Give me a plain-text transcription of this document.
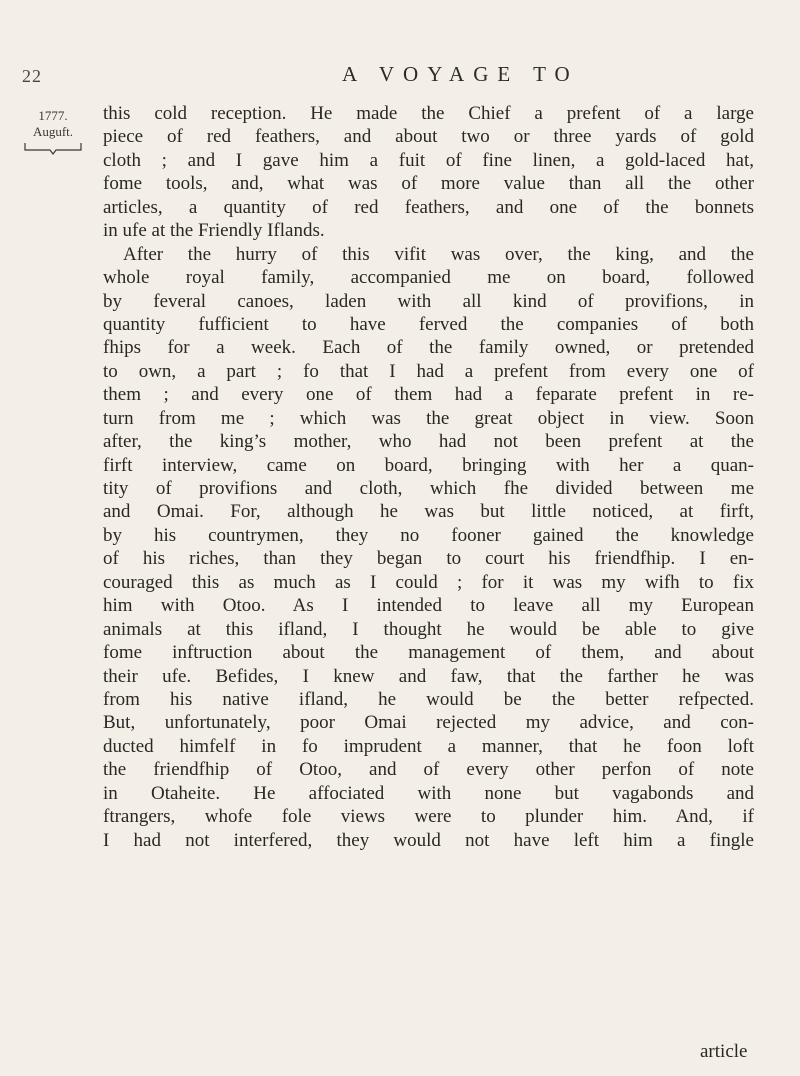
22	A VOYAGE TO
1777.
Auguft.
this cold reception. He made the Chief a prefent of a large
piece of red feathers, and about two or three yards of gold
cloth ; and I gave him a fuit of fine linen, a gold-laced hat,
fome tools, and, what was of more value than all the other
articles, a quantity of red feathers, and one of the bonnets
in ufe at the Friendly Iflands.
After the hurry of this vifit was over, the king, and the
whole royal family, accompanied me on board, followed
by feveral canoes, laden with all kind of provifions, in
quantity fufficient to have ferved the companies of both
fhips for a week. Each of the family owned, or pretended
to own, a part ; fo that I had a prefent from every one of
them ; and every one of them had a feparate prefent in re-
turn from me ; which was the great object in view. Soon
after, the king’s mother, who had not been prefent at the
firft interview, came on board, bringing with her a quan-
tity of provifions and cloth, which fhe divided between me
and Omai. For, although he was but little noticed, at firft,
by his countrymen, they no fooner gained the knowledge
of his riches, than they began to court his friendfhip. I en-
couraged this as much as I could ; for it was my wifh to fix
him with Otoo. As I intended to leave all my European
animals at this ifland, I thought he would be able to give
fome inftruction about the management of them, and about
their ufe. Befides, I knew and faw, that the farther he was
from his native ifland, he would be the better refpected.
But, unfortunately, poor Omai rejected my advice, and con-
ducted himfelf in fo imprudent a manner, that he foon loft
the friendfhip of Otoo, and of every other perfon of note
in Otaheite. He affociated with none but vagabonds and
ftrangers, whofe fole views were to plunder him. And, if
I had not interfered, they would not have left him a fingle
article
